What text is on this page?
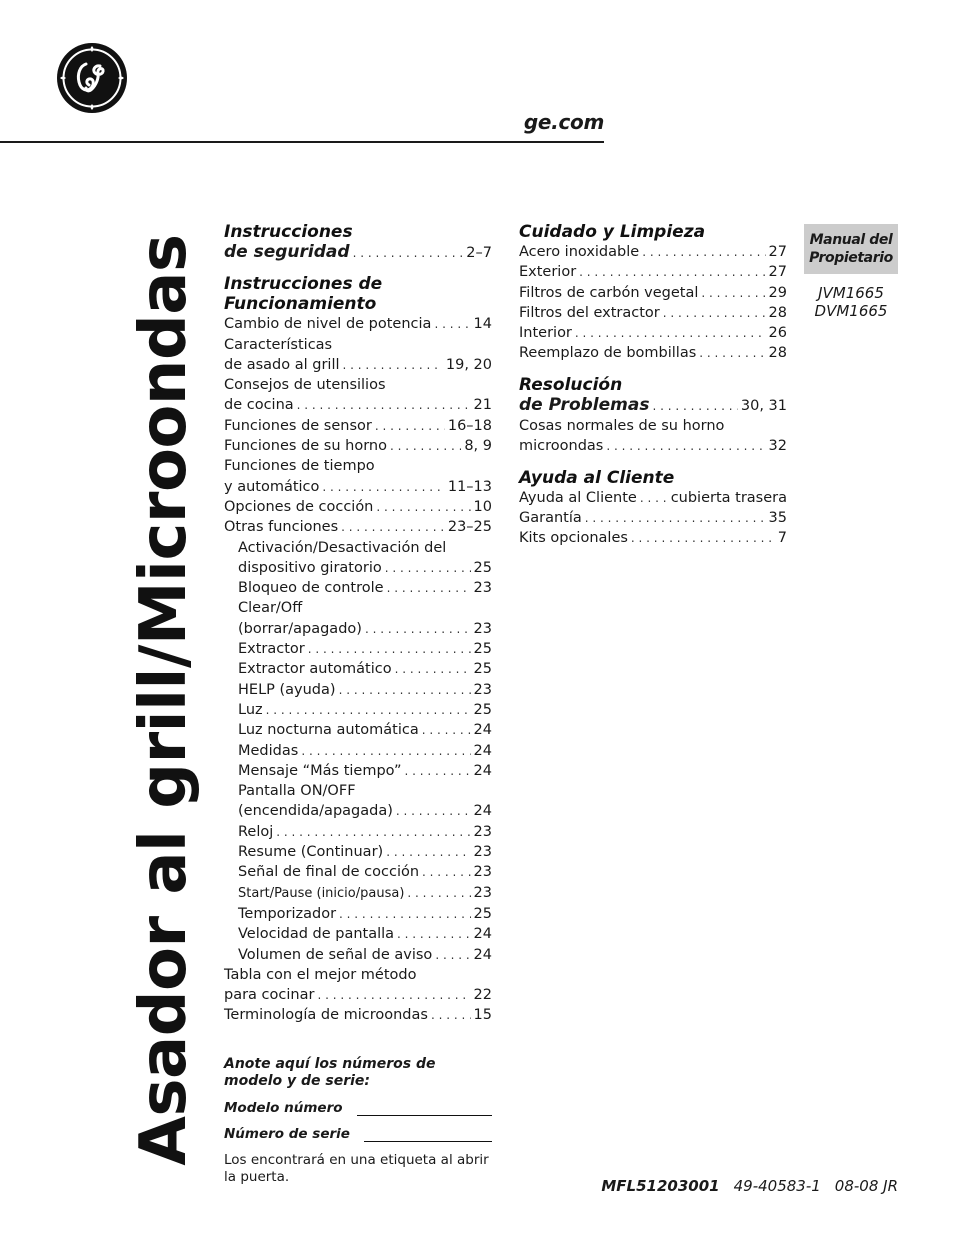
ge.com
Asador al grill/Microondas
Instrucciones
de seguridad . . .	2–7
Instrucciones de
Funcionamiento
Cambio de nivel de potencia . . .	14
Características
de asado al grill . . .	19, 20
Consejos de utensilios
de cocina . . .	21
Funciones de sensor . . .	16–18
Funciones de su horno . . .	8, 9
Funciones de tiempo
y automático . . .	11–13
Opciones de cocción . . .	10
Otras funciones . . .	23–25
Activación/Desactivación del
dispositivo giratorio . . .	25
Bloqueo de controle . . .	23
Clear/Off
(borrar/apagado) . . .	23
Extractor . . .	25
Extractor automático . . .	25
HELP (ayuda) . . .	23
Luz . . .	25
Luz nocturna automática . . .	24
Medidas . . .	24
Mensaje “Más tiempo” . . .	24
Pantalla ON/OFF
(encendida/apagada) . . .	24
Reloj . . .	23
Resume (Continuar) . . .	23
Señal de final de cocción . . .	23
Start/Pause (inicio/pausa) . . .	23
Temporizador . . .	25
Velocidad de pantalla . . .	24
Volumen de señal de aviso . . .	24
Tabla con el mejor método
para cocinar . . .	22
Terminología de microondas . . .	15
Cuidado y Limpieza
Acero inoxidable . . .	27
Exterior . . .	27
Filtros de carbón vegetal . . .	29
Filtros del extractor . . .	28
Interior . . .	26
Reemplazo de bombillas . . .	28
Resolución
de Problemas . . .	30, 31
Cosas normales de su horno
microondas . . .	32
Ayuda al Cliente
Ayuda al Cliente . . . cubierta trasera
Garantía . . .	35
Kits opcionales . . .	7
Anote aquí los números de modelo y de serie:
Modelo número
Número de serie
Los encontrará en una etiqueta al abrir la puerta.
Manual del
Propietario
JVM1665
DVM1665
MFL51203001 49-40583-1 08-08 JR
